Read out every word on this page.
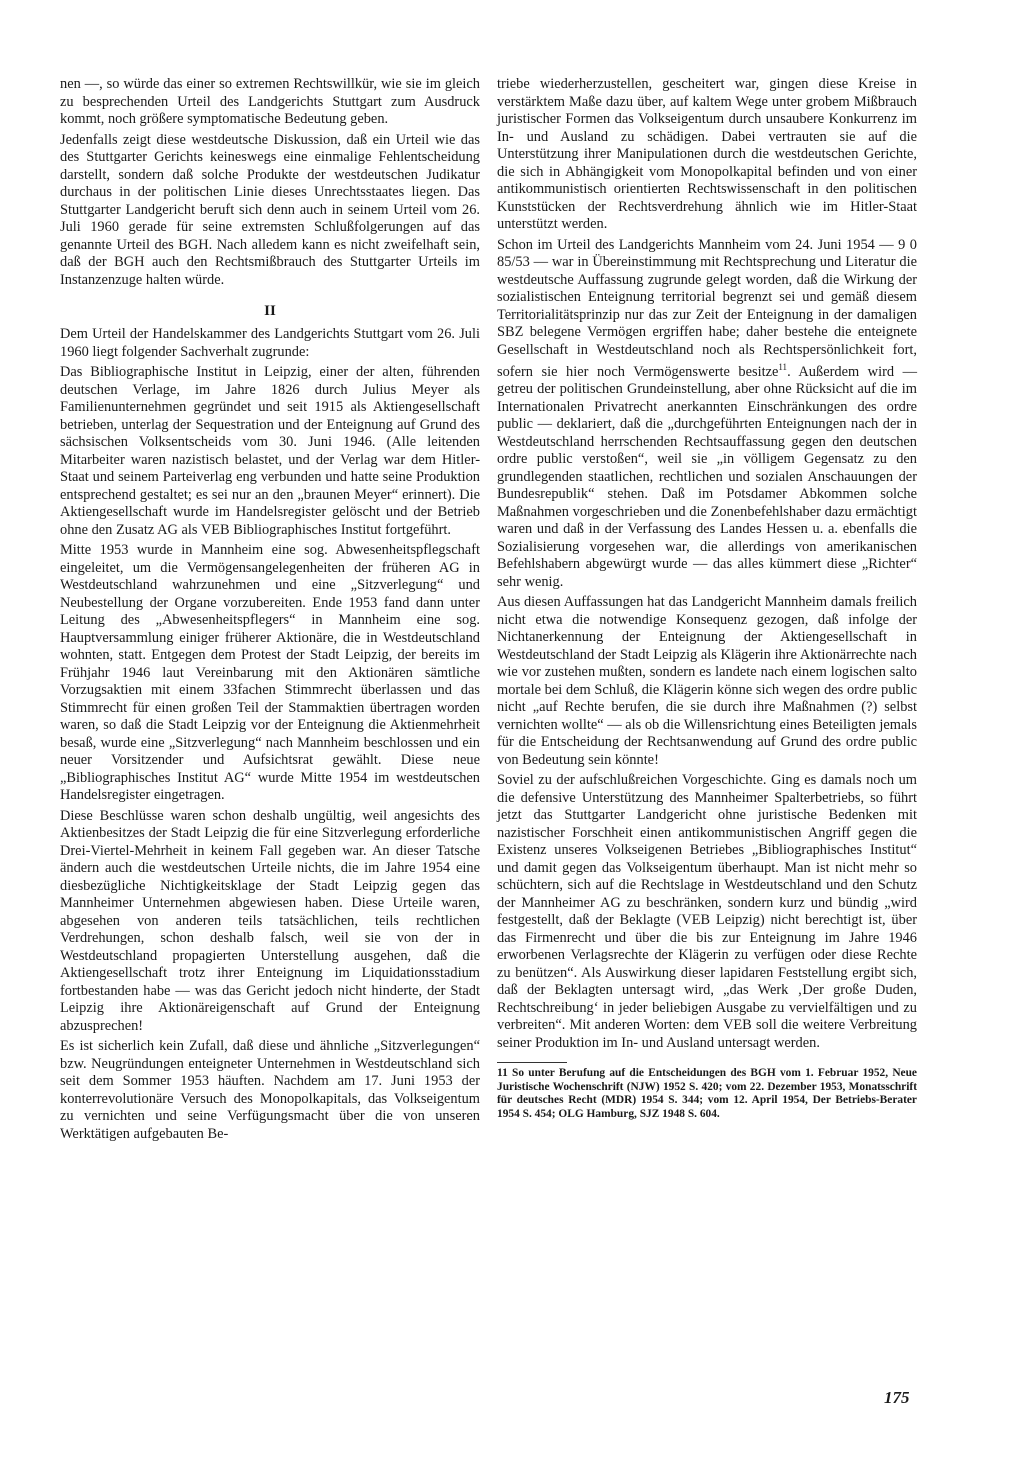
nen —, so würde das einer so extremen Rechtswillkür, wie sie im gleich zu besprechenden Urteil des Landgerichts Stuttgart zum Ausdruck kommt, noch größere symptomatische Bedeutung geben.

Jedenfalls zeigt diese westdeutsche Diskussion, daß ein Urteil wie das des Stuttgarter Gerichts keineswegs eine einmalige Fehlentscheidung darstellt, sondern daß solche Produkte der westdeutschen Judikatur durchaus in der politischen Linie dieses Unrechtsstaates liegen. Das Stuttgarter Landgericht beruft sich denn auch in seinem Urteil vom 26. Juli 1960 gerade für seine extremsten Schlußfolgerungen auf das genannte Urteil des BGH. Nach alledem kann es nicht zweifelhaft sein, daß der BGH auch den Rechtsmißbrauch des Stuttgarter Urteils im Instanzenzuge halten würde.

II

Dem Urteil der Handelskammer des Landgerichts Stuttgart vom 26. Juli 1960 liegt folgender Sachverhalt zugrunde:

Das Bibliographische Institut in Leipzig, einer der alten, führenden deutschen Verlage, im Jahre 1826 durch Julius Meyer als Familienunternehmen gegründet und seit 1915 als Aktiengesellschaft betrieben, unterlag der Sequestration und der Enteignung auf Grund des sächsischen Volksentscheids vom 30. Juni 1946. (Alle leitenden Mitarbeiter waren nazistisch belastet, und der Verlag war dem Hitler-Staat und seinem Parteiverlag eng verbunden und hatte seine Produktion entsprechend gestaltet; es sei nur an den „braunen Meyer“ erinnert). Die Aktiengesellschaft wurde im Handelsregister gelöscht und der Betrieb ohne den Zusatz AG als VEB Bibliographisches Institut fortgeführt.

Mitte 1953 wurde in Mannheim eine sog. Abwesenheitspflegschaft eingeleitet, um die Vermögensangelegenheiten der früheren AG in Westdeutschland wahrzunehmen und eine „Sitzverlegung“ und Neubestellung der Organe vorzubereiten. Ende 1953 fand dann unter Leitung des „Abwesenheitspflegers“ in Mannheim eine sog. Hauptversammlung einiger früherer Aktionäre, die in Westdeutschland wohnten, statt. Entgegen dem Protest der Stadt Leipzig, der bereits im Frühjahr 1946 laut Vereinbarung mit den Aktionären sämtliche Vorzugsaktien mit einem 33fachen Stimmrecht überlassen und das Stimmrecht für einen großen Teil der Stammaktien übertragen worden waren, so daß die Stadt Leipzig vor der Enteignung die Aktienmehrheit besaß, wurde eine „Sitzverlegung“ nach Mannheim beschlossen und ein neuer Vorsitzender und Aufsichtsrat gewählt. Diese neue „Bibliographisches Institut AG“ wurde Mitte 1954 im westdeutschen Handelsregister eingetragen.

Diese Beschlüsse waren schon deshalb ungültig, weil angesichts des Aktienbesitzes der Stadt Leipzig die für eine Sitzverlegung erforderliche Drei-Viertel-Mehrheit in keinem Fall gegeben war. An dieser Tatsche ändern auch die westdeutschen Urteile nichts, die im Jahre 1954 eine diesbezügliche Nichtigkeitsklage der Stadt Leipzig gegen das Mannheimer Unternehmen abgewiesen haben. Diese Urteile waren, abgesehen von anderen teils tatsächlichen, teils rechtlichen Verdrehungen, schon deshalb falsch, weil sie von der in Westdeutschland propagierten Unterstellung ausgehen, daß die Aktiengesellschaft trotz ihrer Enteignung im Liquidationsstadium fortbestanden habe — was das Gericht jedoch nicht hinderte, der Stadt Leipzig ihre Aktionäreigenschaft auf Grund der Enteignung abzusprechen!

Es ist sicherlich kein Zufall, daß diese und ähnliche „Sitzverlegungen“ bzw. Neugründungen enteigneter Unternehmen in Westdeutschland sich seit dem Sommer 1953 häuften. Nachdem am 17. Juni 1953 der konterrevolutionäre Versuch des Monopolkapitals, das Volkseigentum zu vernichten und seine Verfügungsmacht über die von unseren Werktätigen aufgebauten Be-

triebe wiederherzustellen, gescheitert war, gingen diese Kreise in verstärktem Maße dazu über, auf kaltem Wege unter grobem Mißbrauch juristischer Formen das Volkseigentum durch unsaubere Konkurrenz im In- und Ausland zu schädigen. Dabei vertrauten sie auf die Unterstützung ihrer Manipulationen durch die westdeutschen Gerichte, die sich in Abhängigkeit vom Monopolkapital befinden und von einer antikommunistisch orientierten Rechtswissenschaft in den politischen Kunststücken der Rechtsverdrehung ähnlich wie im Hitler-Staat unterstützt werden.

Schon im Urteil des Landgerichts Mannheim vom 24. Juni 1954 — 9 0 85/53 — war in Übereinstimmung mit Rechtsprechung und Literatur die westdeutsche Auffassung zugrunde gelegt worden, daß die Wirkung der sozialistischen Enteignung territorial begrenzt sei und gemäß diesem Territorialitätsprinzip nur das zur Zeit der Enteignung in der damaligen SBZ belegene Vermögen ergriffen habe; daher bestehe die enteignete Gesellschaft in Westdeutschland noch als Rechtspersönlichkeit fort, sofern sie hier noch Vermögenswerte besitze$^{11}$. Außerdem wird — getreu der politischen Grundeinstellung, aber ohne Rücksicht auf die im Internationalen Privatrecht anerkannten Einschränkungen des ordre public — deklariert, daß die „durchgeführten Enteignungen nach der in Westdeutschland herrschenden Rechtsauffassung gegen den deutschen ordre public verstoßen“, weil sie „in völligem Gegensatz zu den grundlegenden staatlichen, rechtlichen und sozialen Anschauungen der Bundesrepublik“ stehen. Daß im Potsdamer Abkommen solche Maßnahmen vorgeschrieben und die Zonenbefehlshaber dazu ermächtigt waren und daß in der Verfassung des Landes Hessen u. a. ebenfalls die Sozialisierung vorgesehen war, die allerdings von amerikanischen Befehlshabern abgewürgt wurde — das alles kümmert diese „Richter“ sehr wenig.

Aus diesen Auffassungen hat das Landgericht Mannheim damals freilich nicht etwa die notwendige Konsequenz gezogen, daß infolge der Nichtanerkennung der Enteignung der Aktiengesellschaft in Westdeutschland der Stadt Leipzig als Klägerin ihre Aktionärrechte nach wie vor zustehen mußten, sondern es landete nach einem logischen salto mortale bei dem Schluß, die Klägerin könne sich wegen des ordre public nicht „auf Rechte berufen, die sie durch ihre Maßnahmen (?) selbst vernichten wollte“ — als ob die Willensrichtung eines Beteiligten jemals für die Entscheidung der Rechtsanwendung auf Grund des ordre public von Bedeutung sein könnte!

Soviel zu der aufschlußreichen Vorgeschichte. Ging es damals noch um die defensive Unterstützung des Mannheimer Spalterbetriebs, so führt jetzt das Stuttgarter Landgericht ohne juristische Bedenken mit nazistischer Forschheit einen antikommunistischen Angriff gegen die Existenz unseres Volkseigenen Betriebes „Bibliographisches Institut“ und damit gegen das Volkseigentum überhaupt. Man ist nicht mehr so schüchtern, sich auf die Rechtslage in Westdeutschland und den Schutz der Mannheimer AG zu beschränken, sondern kurz und bündig „wird festgestellt, daß der Beklagte (VEB Leipzig) nicht berechtigt ist, über das Firmenrecht und über die bis zur Enteignung im Jahre 1946 erworbenen Verlagsrechte der Klägerin zu verfügen oder diese Rechte zu benützen“. Als Auswirkung dieser lapidaren Feststellung ergibt sich, daß der Beklagten untersagt wird, „das Werk ‚Der große Duden, Rechtschreibung‘ in jeder beliebigen Ausgabe zu vervielfältigen und zu verbreiten“. Mit anderen Worten: dem VEB soll die weitere Verbreitung seiner Produktion im In- und Ausland untersagt werden.

11 So unter Berufung auf die Entscheidungen des BGH vom 1. Februar 1952, Neue Juristische Wochenschrift (NJW) 1952 S. 420; vom 22. Dezember 1953, Monatsschrift für deutsches Recht (MDR) 1954 S. 344; vom 12. April 1954, Der Betriebs-Berater 1954 S. 454; OLG Hamburg, SJZ 1948 S. 604.

175
